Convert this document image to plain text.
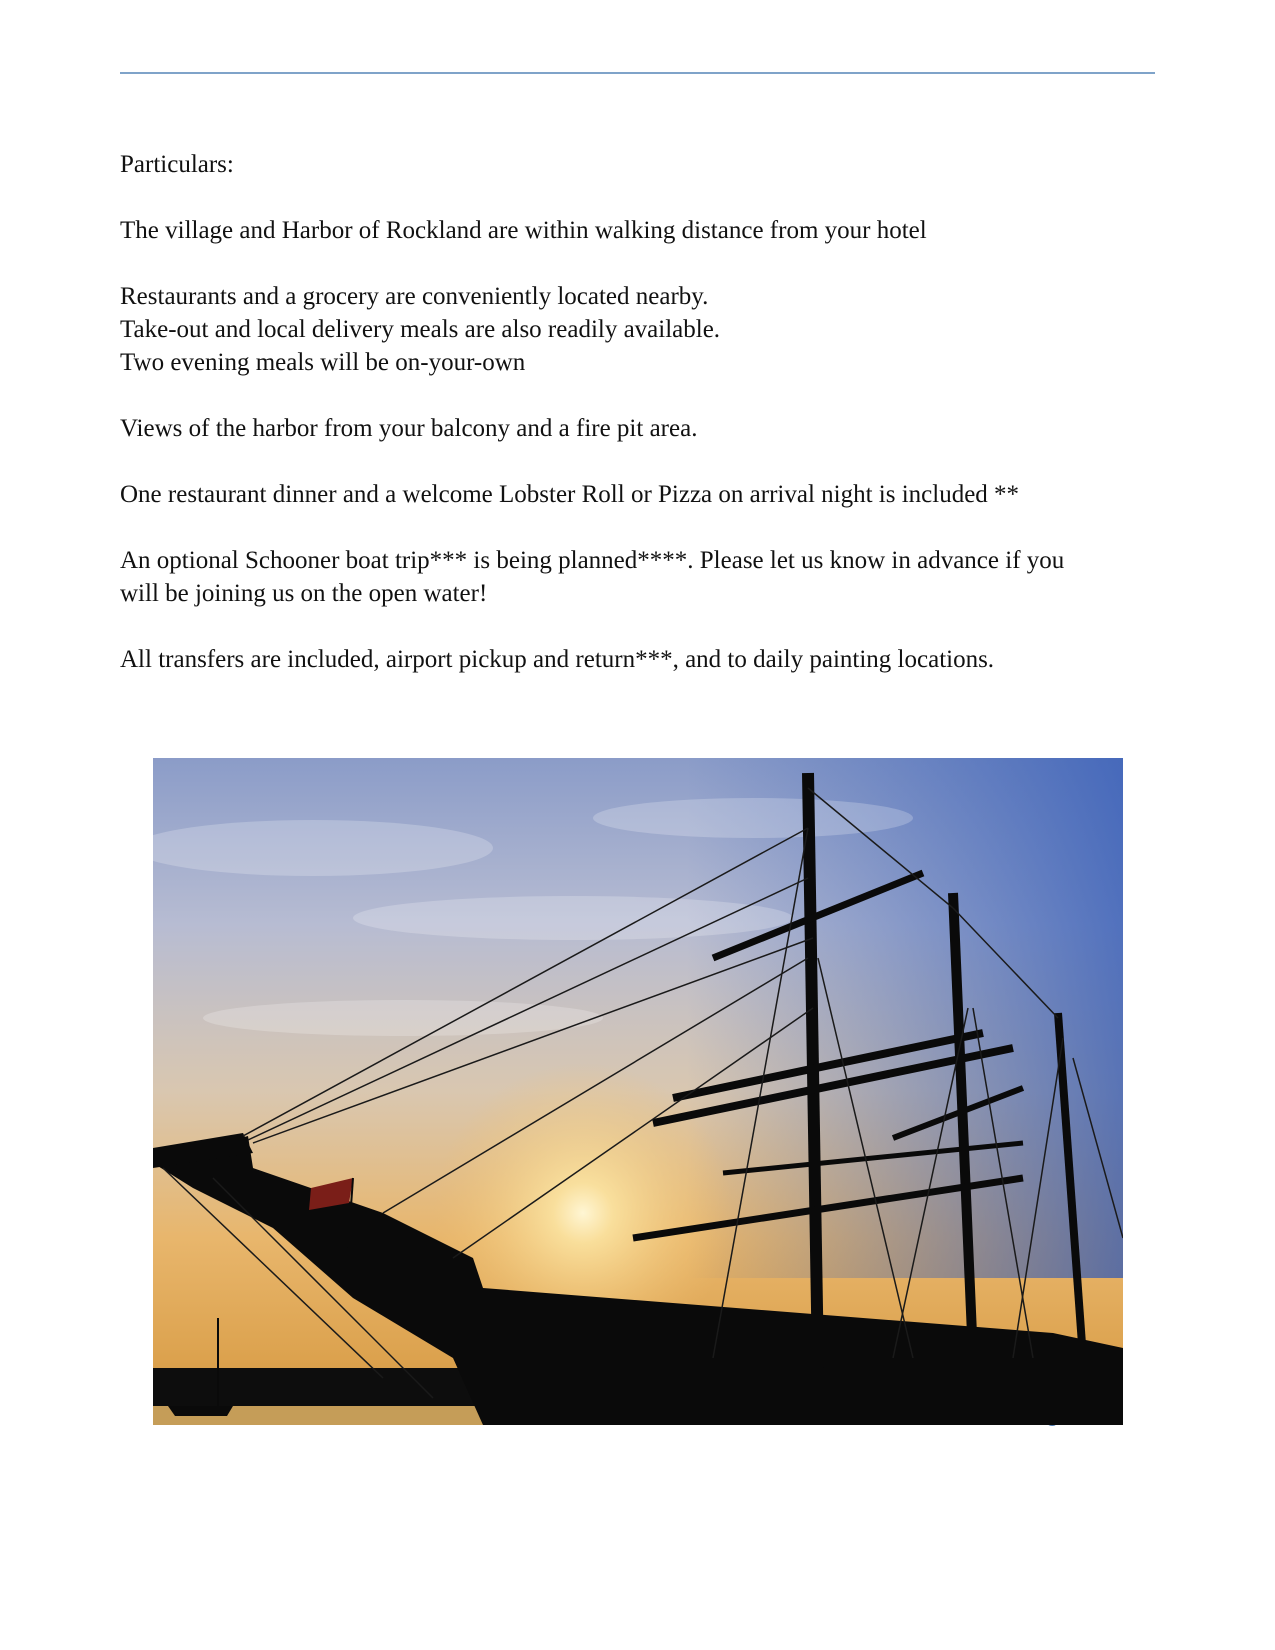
Particulars:

The village and Harbor of Rockland are within walking distance from your hotel

Restaurants and a grocery are conveniently located nearby.

Take-out and local delivery meals are also readily available.

Two evening meals will be on-your-own

Views of the harbor from your balcony and a fire pit area.

One restaurant dinner and a welcome Lobster Roll or Pizza on arrival night is included **

An optional Schooner boat trip*** is being planned****. Please let us know in advance if you

will be joining us on the open water!

All transfers are included, airport pickup and return***, and to daily painting locations.
